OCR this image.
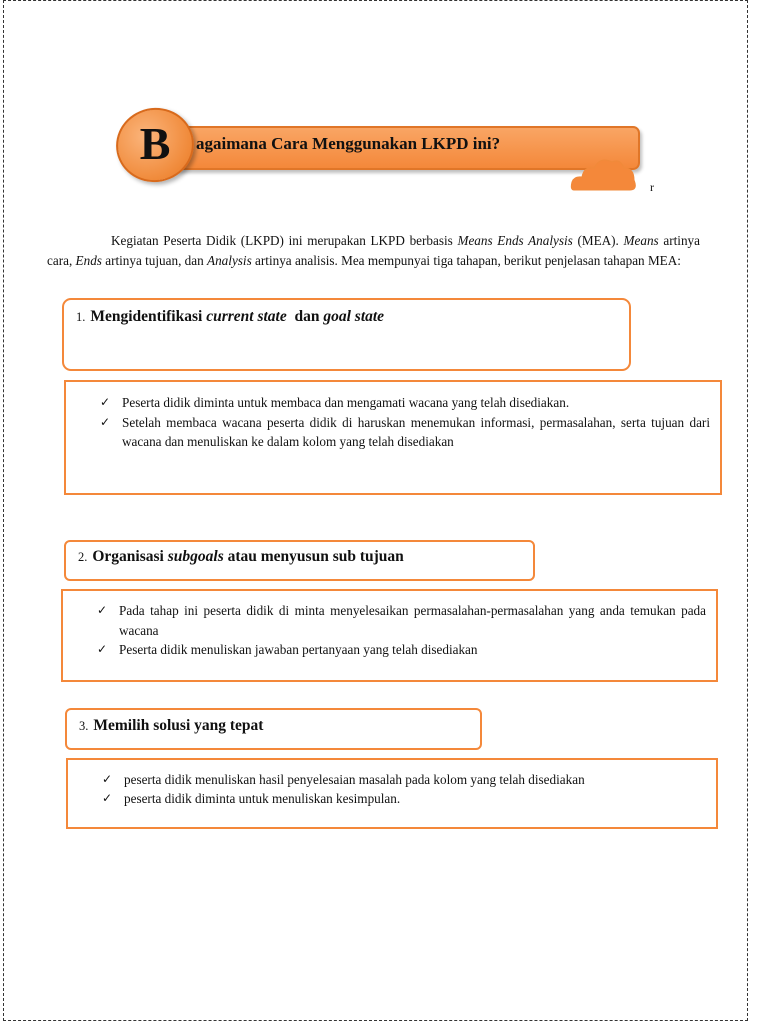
agaimana Cara Menggunakan LKPD ini?
B
r
Kegiatan Peserta Didik (LKPD) ini merupakan LKPD berbasis Means Ends Analysis (MEA). Means artinya cara, Ends artinya tujuan, dan Analysis artinya analisis. Mea mempunyai tiga tahapan, berikut penjelasan tahapan MEA:
1. Mengidentifikasi current state  dan goal state
✓ Peserta didik diminta untuk membaca dan mengamati wacana yang telah disediakan.
✓ Setelah membaca wacana peserta didik di haruskan menemukan informasi, permasalahan, serta tujuan dari wacana dan menuliskan ke dalam kolom yang telah disediakan
2. Organisasi subgoals atau menyusun sub tujuan
✓ Pada tahap ini peserta didik di minta menyelesaikan permasalahan-permasalahan yang anda temukan pada wacana
✓ Peserta didik menuliskan jawaban pertanyaan yang telah disediakan
3. Memilih solusi yang tepat
✓ peserta didik menuliskan hasil penyelesaian masalah pada kolom yang telah disediakan
✓ peserta didik diminta untuk menuliskan kesimpulan.
